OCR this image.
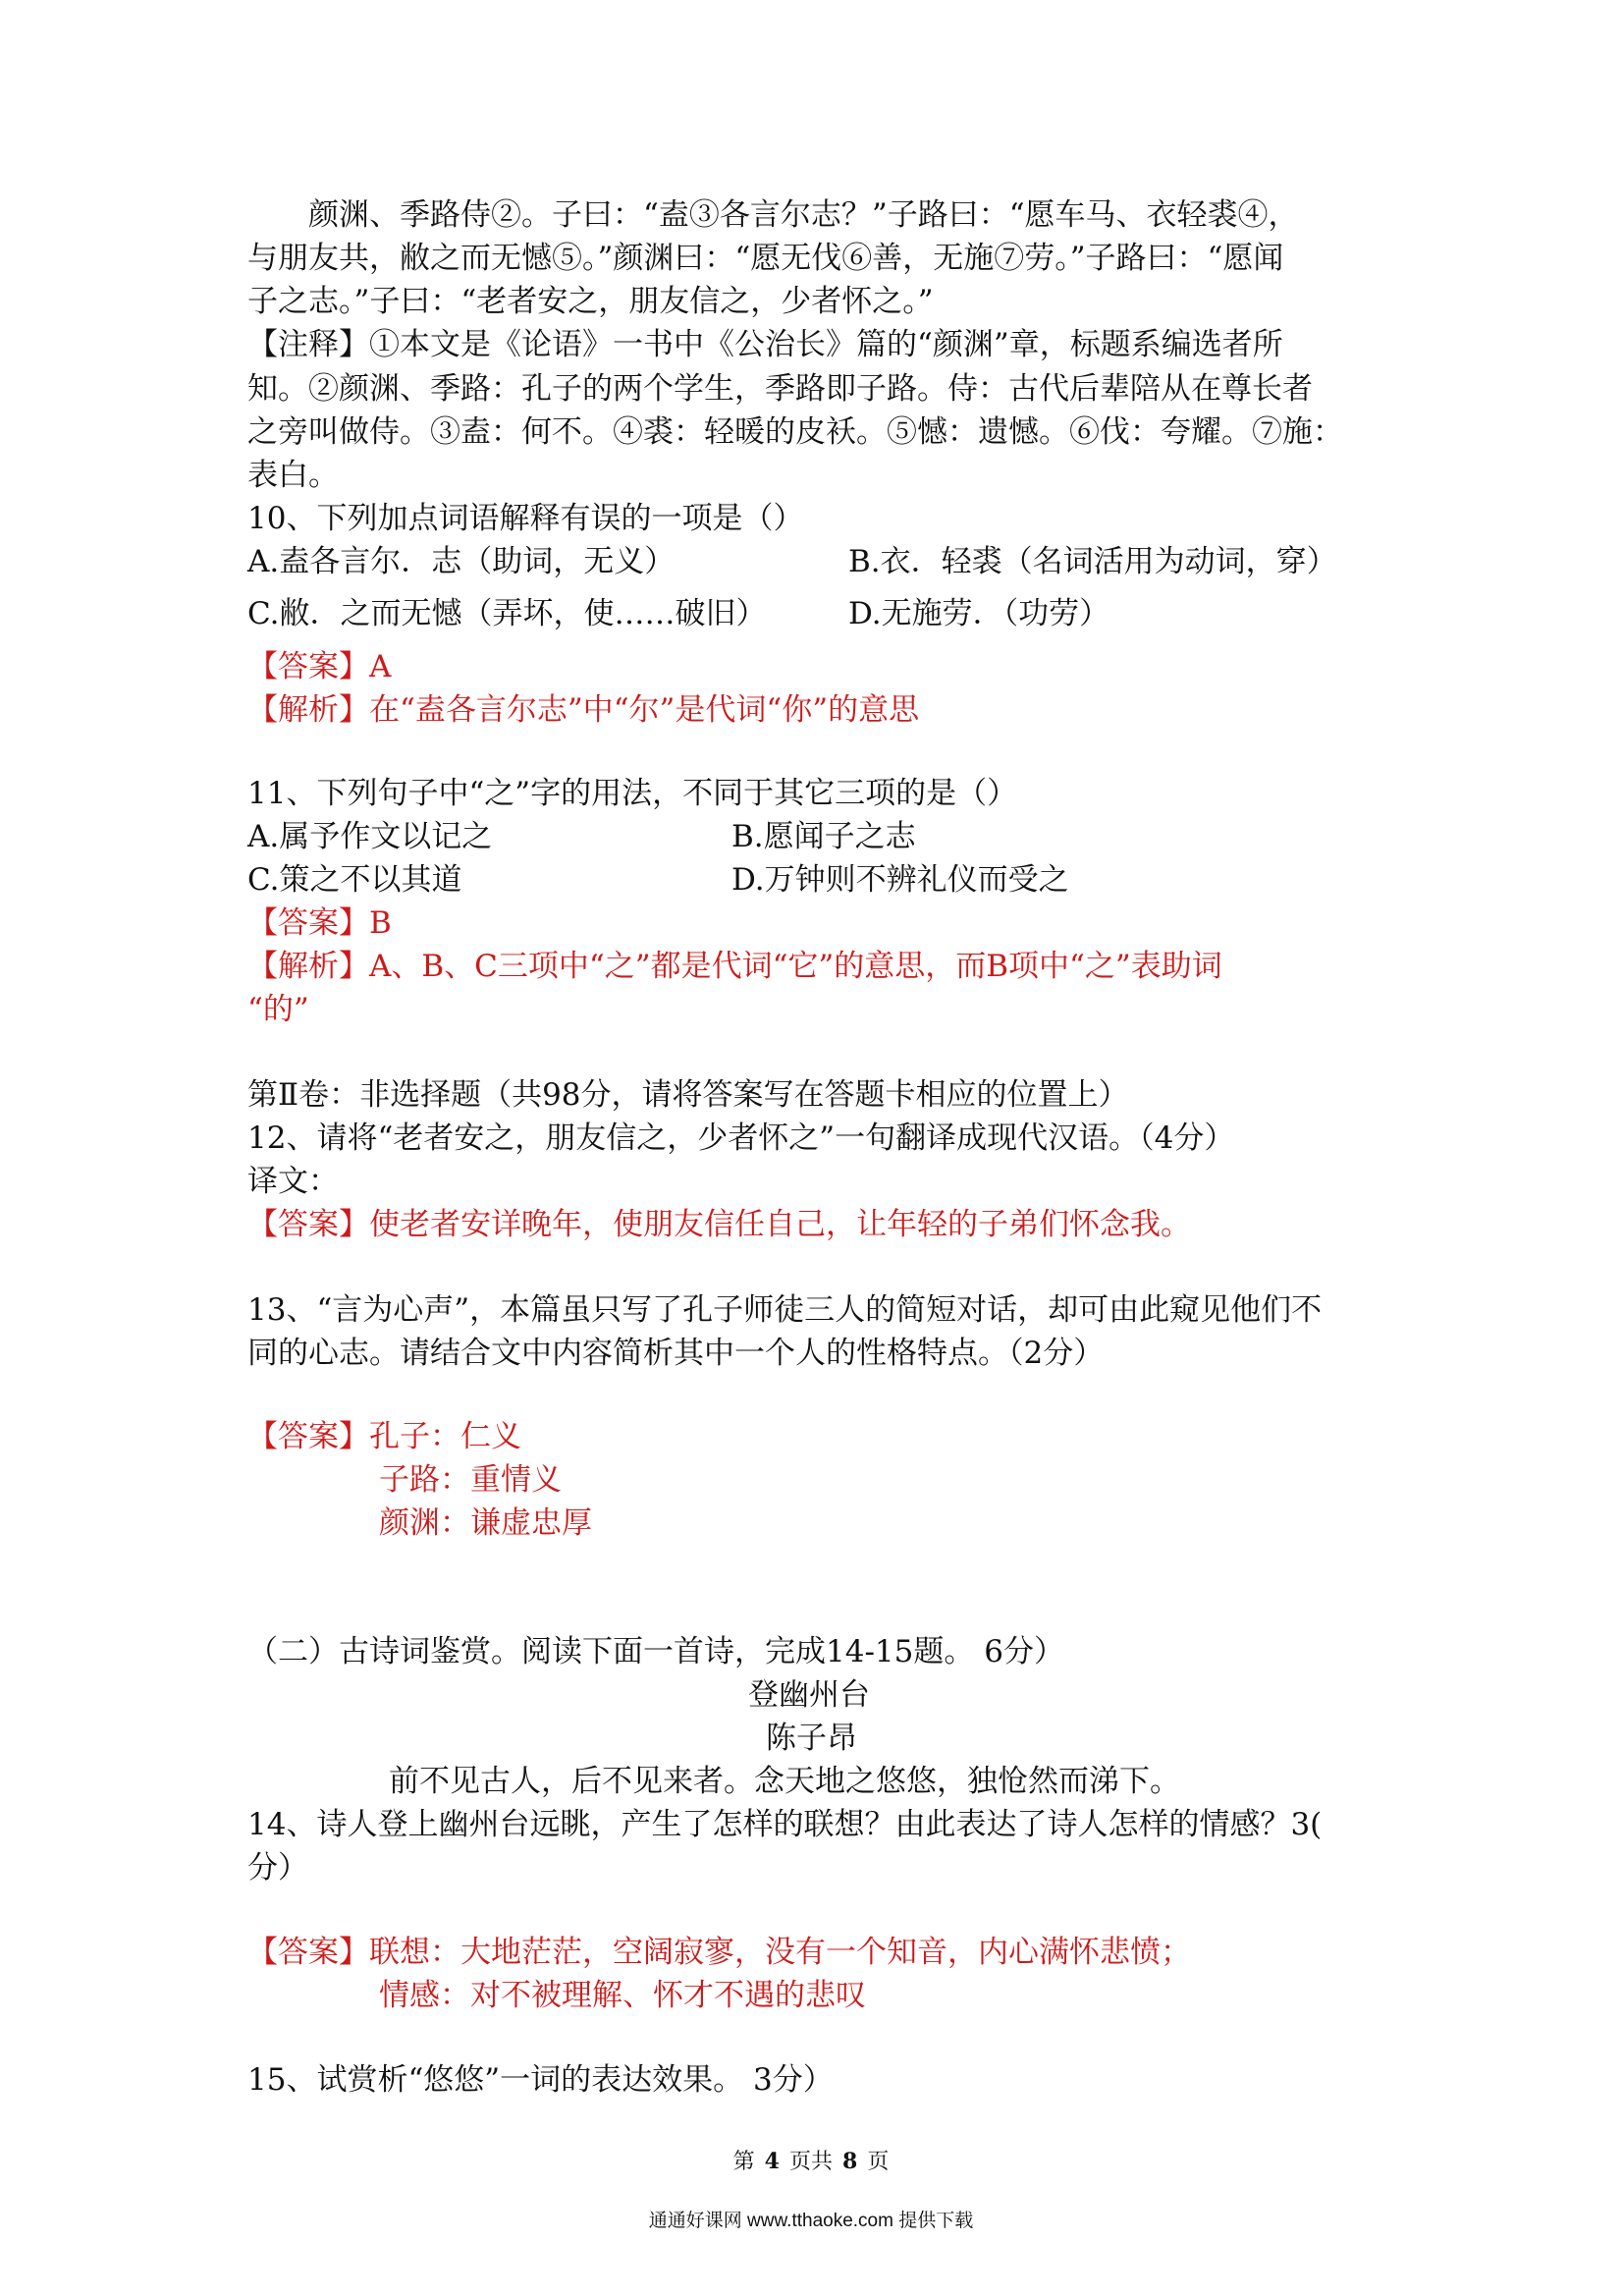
　　颜渊、季路侍②。子曰：“盍③各言尔志？”子路曰：“愿车马、衣轻裘④，
与朋友共，敝之而无憾⑤。”颜渊曰：“愿无伐⑥善，无施⑦劳。”子路曰：“愿闻
子之志。”子曰：“老者安之，朋友信之，少者怀之。”
【注释】①本文是《论语》一书中《公治长》篇的“颜渊”章，标题系编选者所
知。②颜渊、季路：孔子的两个学生，季路即子路。侍：古代后辈陪从在尊长者
之旁叫做侍。③盍：何不。④裘：轻暖的皮袄。⑤憾：遗憾。⑥伐：夸耀。⑦施：
表白。
10、下列加点词语解释有误的一项是（）
A.盍各言尔．志（助词，无义）	B.衣．轻裘（名词活用为动词，穿）
C.敝．之而无憾（弄坏，使……破旧）	D.无施劳．（功劳）
【答案】A
【解析】在“盍各言尔志”中“尔”是代词“你”的意思
11、下列句子中“之”字的用法，不同于其它三项的是（）
A.属予作文以记之	B.愿闻子之志
C.策之不以其道	D.万钟则不辨礼仪而受之
【答案】B
【解析】A、B、C三项中“之”都是代词“它”的意思，而B项中“之”表助词
“的”
第Ⅱ卷：非选择题（共98分，请将答案写在答题卡相应的位置上）
12、请将“老者安之，朋友信之，少者怀之”一句翻译成现代汉语。（4分）
译文：
【答案】使老者安详晚年，使朋友信任自己，让年轻的子弟们怀念我。
13、“言为心声”，本篇虽只写了孔子师徒三人的简短对话，却可由此窥见他们不
同的心志。请结合文中内容简析其中一个人的性格特点。（2分）
【答案】孔子：仁义
子路：重情义
颜渊：谦虚忠厚
（二）古诗词鉴赏。阅读下面一首诗，完成14-15题。 6分）
登幽州台
陈子昂
前不见古人，后不见来者。念天地之悠悠，独怆然而涕下。
14、诗人登上幽州台远眺，产生了怎样的联想？由此表达了诗人怎样的情感？3(
分）
【答案】联想：大地茫茫，空阔寂寥，没有一个知音，内心满怀悲愤；
情感：对不被理解、怀才不遇的悲叹
15、试赏析“悠悠”一词的表达效果。 3分）
第 4 页共 8 页
通通好课网 www.tthaoke.com 提供下载
